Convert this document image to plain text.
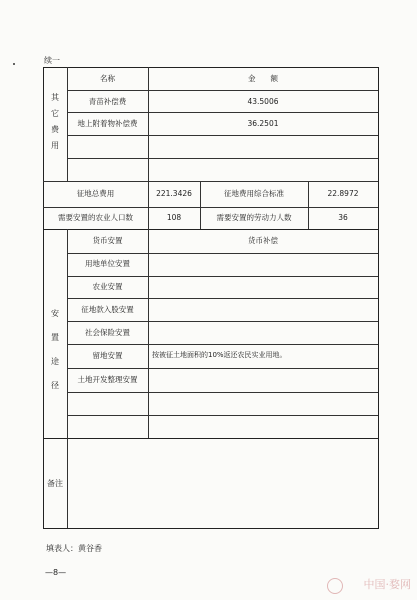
续一
其
它
费
用
名称	金　　额
青苗补偿费	43.5006
地上附着物补偿费	36.2501
征地总费用	221.3426	征地费用综合标准	22.8972
需要安置的农业人口数	108	需要安置的劳动力人数	36
安
置
途
径
货币安置	货币补偿
用地单位安置
农业安置
征地款入股安置
社会保险安置
留地安置	按被征土地面积的10%返还农民实业用地。
土地开发整理安置
备注
填表人：黄谷香
—8—
中国·婺网
